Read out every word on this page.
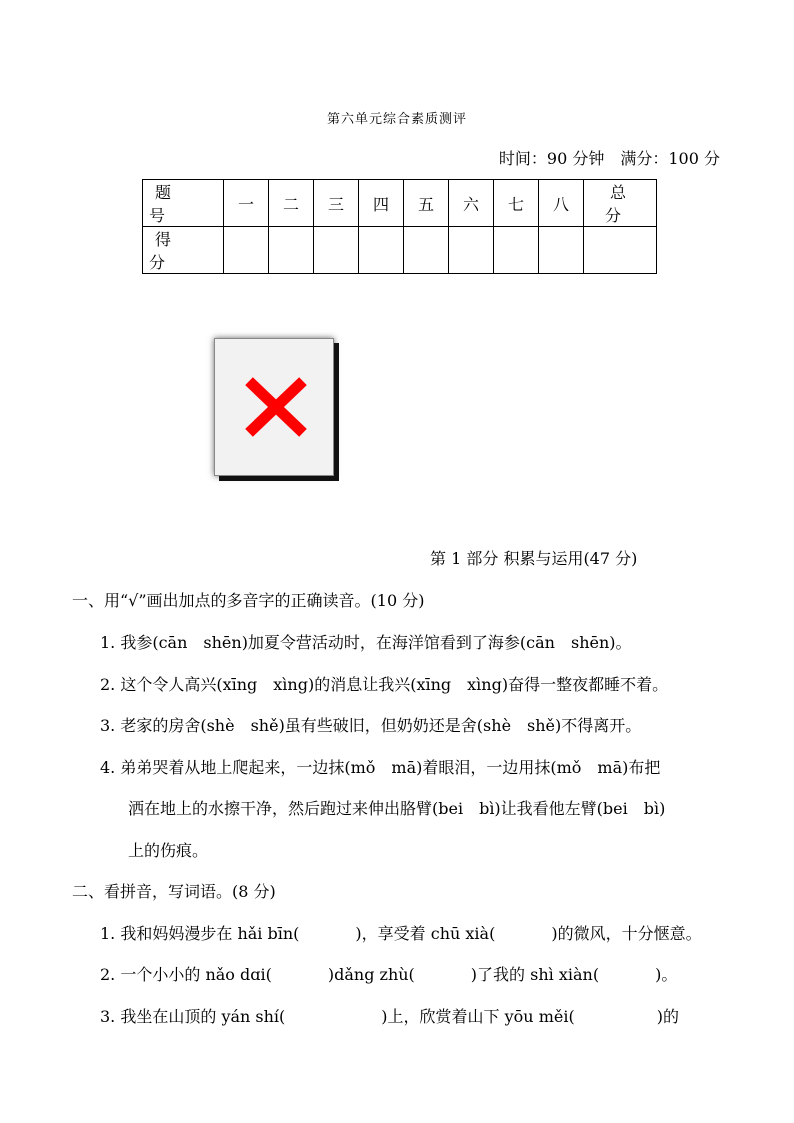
第六单元综合素质测评
时间：90 分钟　满分：100 分
题　号	一	二	三	四	五	六	七	八	总　分
得　分									
第 1 部分 积累与运用(47 分)
一、用“√”画出加点的多音字的正确读音。(10 分)
1. 我参(cān　shēn)加夏令营活动时，在海洋馆看到了海参(cān　shēn)。
2. 这个令人高兴(xīng　xìng)的消息让我兴(xīng　xìng)奋得一整夜都睡不着。
3. 老家的房舍(shè　shě)虽有些破旧，但奶奶还是舍(shè　shě)不得离开。
4. 弟弟哭着从地上爬起来，一边抹(mǒ　mā)着眼泪，一边用抹(mǒ　mā)布把
洒在地上的水擦干净，然后跑过来伸出胳臂(bei　bì)让我看他左臂(bei　bì)
上的伤痕。
二、看拼音，写词语。(8 分)
1. 我和妈妈漫步在 hǎi bīn(	)，享受着 chū xià(	)的微风，十分惬意。
2. 一个小小的 nǎo dɑi(	)dǎng zhù(	)了我的 shì xiàn(	)。
3. 我坐在山顶的 yán shí(	)上，欣赏着山下 yōu měi(	)的
